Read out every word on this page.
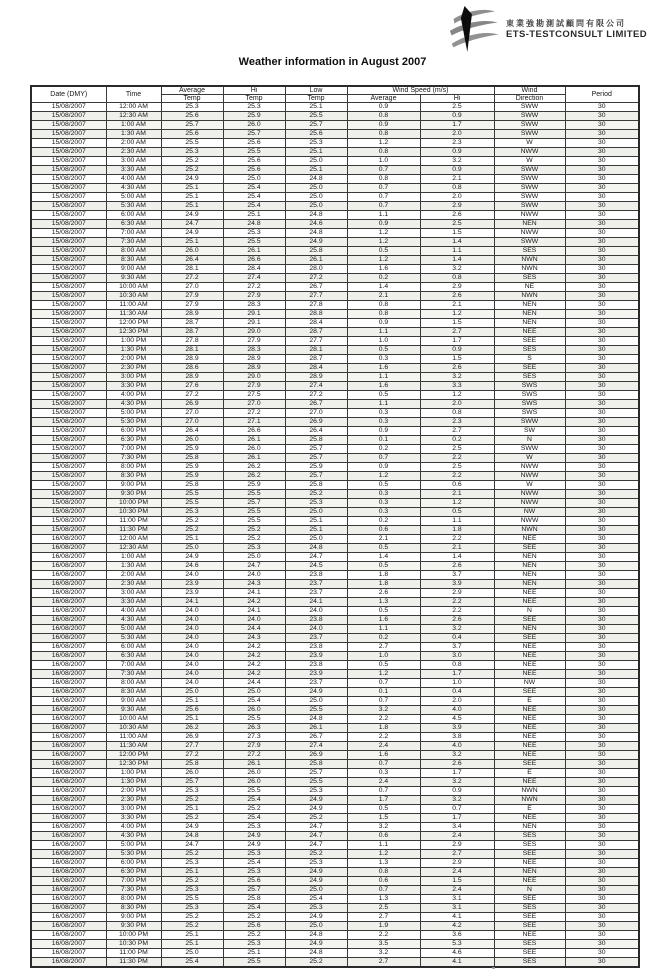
東業強勘測試顧問有限公司
ETS-TESTCONSULT LIMITED
Weather information in August 2007
Date (DMY)	Time	Average	Hi	Low	Wind Speed (m/s)		Wind	Period
		Temp	Temp	Temp	Average	Hi	Direction	
15/08/2007	12:00 AM	25.3	25.3	25.1	0.9	2.5	SWW	30
15/08/2007	12:30 AM	25.6	25.9	25.5	0.8	0.9	SWW	30
15/08/2007	1:00 AM	25.7	26.0	25.7	0.9	1.7	SWW	30
15/08/2007	1:30 AM	25.6	25.7	25.6	0.8	2.0	SWW	30
15/08/2007	2:00 AM	25.5	25.6	25.3	1.2	2.3	W	30
15/08/2007	2:30 AM	25.3	25.5	25.1	0.8	0.9	NWW	30
15/08/2007	3:00 AM	25.2	25.6	25.0	1.0	3.2	W	30
15/08/2007	3:30 AM	25.2	25.6	25.1	0.7	0.9	SWW	30
15/08/2007	4:00 AM	24.9	25.0	24.8	0.8	2.1	SWW	30
15/08/2007	4:30 AM	25.1	25.4	25.0	0.7	0.8	SWW	30
15/08/2007	5:00 AM	25.1	25.4	25.0	0.7	2.0	SWW	30
15/08/2007	5:30 AM	25.1	25.4	25.0	0.7	2.9	SWW	30
15/08/2007	6:00 AM	24.9	25.1	24.8	1.1	2.6	NWW	30
15/08/2007	6:30 AM	24.7	24.8	24.6	0.9	2.5	NEN	30
15/08/2007	7:00 AM	24.9	25.3	24.8	1.2	1.5	NWW	30
15/08/2007	7:30 AM	25.1	25.5	24.9	1.2	1.4	SWW	30
15/08/2007	8:00 AM	26.0	26.1	25.8	0.5	1.1	SES	30
15/08/2007	8:30 AM	26.4	26.6	26.1	1.2	1.4	NWN	30
15/08/2007	9:00 AM	28.1	28.4	28.0	1.6	3.2	NWN	30
15/08/2007	9:30 AM	27.2	27.4	27.2	0.2	0.8	SES	30
15/08/2007	10:00 AM	27.0	27.2	26.7	1.4	2.9	NE	30
15/08/2007	10:30 AM	27.9	27.9	27.7	2.1	2.6	NWN	30
15/08/2007	11:00 AM	27.9	28.3	27.8	0.8	2.1	NEN	30
15/08/2007	11:30 AM	28.9	29.1	28.8	0.8	1.2	NEN	30
15/08/2007	12:00 PM	28.7	29.1	28.4	0.9	1.5	NEN	30
15/08/2007	12:30 PM	28.7	29.0	28.7	1.1	2.7	NEE	30
15/08/2007	1:00 PM	27.8	27.9	27.7	1.0	1.7	SEE	30
15/08/2007	1:30 PM	28.1	28.3	28.1	0.5	0.9	SES	30
15/08/2007	2:00 PM	28.9	28.9	28.7	0.3	1.5	S	30
15/08/2007	2:30 PM	28.6	28.9	28.4	1.6	2.6	SEE	30
15/08/2007	3:00 PM	28.9	29.0	28.9	1.1	3.2	SES	30
15/08/2007	3:30 PM	27.6	27.9	27.4	1.6	3.3	SWS	30
15/08/2007	4:00 PM	27.2	27.5	27.2	0.5	1.2	SWS	30
15/08/2007	4:30 PM	26.9	27.0	26.7	1.1	2.0	SWS	30
15/08/2007	5:00 PM	27.0	27.2	27.0	0.3	0.8	SWS	30
15/08/2007	5:30 PM	27.0	27.1	26.9	0.3	2.3	SWW	30
15/08/2007	6:00 PM	26.4	26.6	26.4	0.9	2.7	SW	30
15/08/2007	6:30 PM	26.0	26.1	25.8	0.1	0.2	N	30
15/08/2007	7:00 PM	25.9	26.0	25.7	0.2	2.5	SWW	30
15/08/2007	7:30 PM	25.8	26.1	25.7	0.7	2.2	W	30
15/08/2007	8:00 PM	25.9	26.2	25.9	0.9	2.5	NWW	30
15/08/2007	8:30 PM	25.9	26.2	25.7	1.2	2.2	NWW	30
15/08/2007	9:00 PM	25.8	25.9	25.8	0.5	0.6	W	30
15/08/2007	9:30 PM	25.5	25.5	25.2	0.3	2.1	NWW	30
15/08/2007	10:00 PM	25.5	25.7	25.3	0.3	1.2	NWW	30
15/08/2007	10:30 PM	25.3	25.5	25.0	0.3	0.5	NW	30
15/08/2007	11:00 PM	25.2	25.5	25.1	0.2	1.1	NWW	30
15/08/2007	11:30 PM	25.2	25.2	25.1	0.6	1.8	NWN	30
16/08/2007	12:00 AM	25.1	25.2	25.0	2.1	2.2	NEE	30
16/08/2007	12:30 AM	25.0	25.3	24.8	0.5	2.1	SEE	30
16/08/2007	1:00 AM	24.9	25.0	24.7	1.4	1.4	NEN	30
16/08/2007	1:30 AM	24.6	24.7	24.5	0.5	2.6	NEN	30
16/08/2007	2:00 AM	24.0	24.0	23.8	1.8	3.7	NEN	30
16/08/2007	2:30 AM	23.9	24.3	23.7	1.8	3.9	NEN	30
16/08/2007	3:00 AM	23.9	24.1	23.7	2.6	2.9	NEE	30
16/08/2007	3:30 AM	24.1	24.2	24.1	1.3	2.2	NEE	30
16/08/2007	4:00 AM	24.0	24.1	24.0	0.5	2.2	N	30
16/08/2007	4:30 AM	24.0	24.0	23.8	1.6	2.6	SEE	30
16/08/2007	5:00 AM	24.0	24.4	24.0	1.1	3.2	NEN	30
16/08/2007	5:30 AM	24.0	24.3	23.7	0.2	0.4	SEE	30
16/08/2007	6:00 AM	24.0	24.2	23.8	2.7	3.7	NEE	30
16/08/2007	6:30 AM	24.0	24.2	23.9	1.0	3.0	NEE	30
16/08/2007	7:00 AM	24.0	24.2	23.8	0.5	0.8	NEE	30
16/08/2007	7:30 AM	24.0	24.2	23.9	1.2	1.7	NEE	30
16/08/2007	8:00 AM	24.0	24.4	23.7	0.7	1.0	NW	30
16/08/2007	8:30 AM	25.0	25.0	24.9	0.1	0.4	SEE	30
16/08/2007	9:00 AM	25.1	25.4	25.0	0.7	2.0	E	30
16/08/2007	9:30 AM	25.6	26.0	25.5	3.2	4.0	NEE	30
16/08/2007	10:00 AM	25.1	25.5	24.8	2.2	4.5	NEE	30
16/08/2007	10:30 AM	26.2	26.3	26.1	1.8	3.9	NEE	30
16/08/2007	11:00 AM	26.9	27.3	26.7	2.2	3.8	NEE	30
16/08/2007	11:30 AM	27.7	27.9	27.4	2.4	4.0	NEE	30
16/08/2007	12:00 PM	27.2	27.2	26.9	1.6	3.2	NEE	30
16/08/2007	12:30 PM	25.8	26.1	25.8	0.7	2.6	SEE	30
16/08/2007	1:00 PM	26.0	26.0	25.7	0.3	1.7	E	30
16/08/2007	1:30 PM	25.7	26.0	25.5	2.4	3.2	NEE	30
16/08/2007	2:00 PM	25.3	25.5	25.3	0.7	0.9	NWN	30
16/08/2007	2:30 PM	25.2	25.4	24.9	1.7	3.2	NWN	30
16/08/2007	3:00 PM	25.1	25.2	24.9	0.5	0.7	E	30
16/08/2007	3:30 PM	25.2	25.4	25.2	1.5	1.7	NEE	30
16/08/2007	4:00 PM	24.9	25.3	24.7	3.2	3.4	NEN	30
16/08/2007	4:30 PM	24.8	24.9	24.7	0.6	2.4	SES	30
16/08/2007	5:00 PM	24.7	24.9	24.7	1.1	2.9	SES	30
16/08/2007	5:30 PM	25.2	25.3	25.2	1.2	2.7	SEE	30
16/08/2007	6:00 PM	25.3	25.4	25.3	1.3	2.9	NEE	30
16/08/2007	6:30 PM	25.1	25.3	24.9	0.8	2.4	NEN	30
16/08/2007	7:00 PM	25.2	25.6	24.9	0.6	1.5	NEE	30
16/08/2007	7:30 PM	25.3	25.7	25.0	0.7	2.4	N	30
16/08/2007	8:00 PM	25.5	25.8	25.4	1.3	3.1	SEE	30
16/08/2007	8:30 PM	25.3	25.4	25.3	2.5	3.1	SES	30
16/08/2007	9:00 PM	25.2	25.2	24.9	2.7	4.1	SEE	30
16/08/2007	9:30 PM	25.2	25.6	25.0	1.9	4.2	SEE	30
16/08/2007	10:00 PM	25.1	25.2	24.8	2.2	3.6	NEE	30
16/08/2007	10:30 PM	25.1	25.3	24.9	3.5	5.3	SES	30
16/08/2007	11:00 PM	25.0	25.1	24.8	3.2	4.6	SEE	30
16/08/2007	11:30 PM	25.4	25.5	25.2	2.7	4.1	SES	30
